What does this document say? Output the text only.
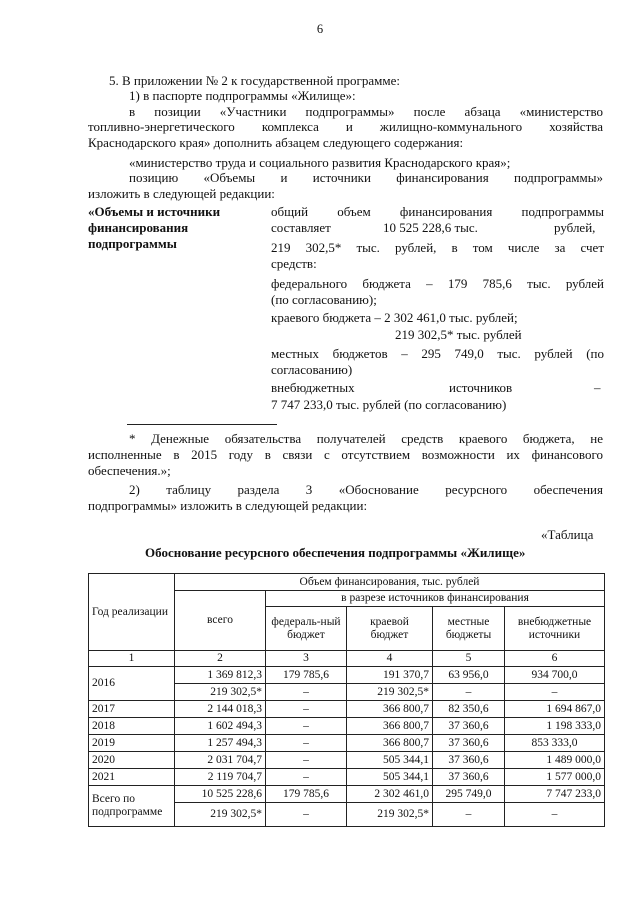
6
5. В приложении № 2 к государственной программе:
1) в паспорте подпрограммы «Жилище»:
в позиции «Участники подпрограммы» после абзаца «министерство
топливно-энергетического комплекса и жилищно-коммунального хозяйства
Краснодарского края» дополнить абзацем следующего содержания:
«министерство труда и социального развития Краснодарского края»;
позицию «Объемы и источники финансирования подпрограммы»
изложить в следующей редакции:
«Объемы и источники
финансирования
подпрограммы
общий объем финансирования подпрограммы
составляет	10 525 228,6 тыс.	рублей,
219 302,5* тыс. рублей, в том числе за счет
средств:
федерального бюджета – 179 785,6 тыс. рублей
(по согласованию);
краевого бюджета – 2 302 461,0 тыс. рублей;
219 302,5* тыс. рублей
местных бюджетов – 295 749,0 тыс. рублей (по
согласованию)
внебюджетных	источников	–
7 747 233,0 тыс. рублей (по согласованию)
* Денежные обязательства получателей средств краевого бюджета, не
исполненные в 2015 году в связи с отсутствием возможности их финансового
обеспечения.»;
2) таблицу раздела 3 «Обоснование ресурсного обеспечения
подпрограммы» изложить в следующей редакции:
«Таблица
Обоснование ресурсного обеспечения подпрограммы «Жилище»
Год реализации	Объем финансирования, тыс. рублей				
	всего	в разрезе источников финансирования			
		федераль-ный бюджет	краевой бюджет	местные бюджеты	внебюджетные источники
1	2	3	4	5	6
2016	1 369 812,3	179 785,6	191 370,7	63 956,0	934 700,0
	219 302,5*	–	219 302,5*	–	–
2017	2 144 018,3	–	366 800,7	82 350,6	1 694 867,0
2018	1 602 494,3	–	366 800,7	37 360,6	1 198 333,0
2019	1 257 494,3	–	366 800,7	37 360,6	853 333,0
2020	2 031 704,7	–	505 344,1	37 360,6	1 489 000,0
2021	2 119 704,7	–	505 344,1	37 360,6	1 577 000,0
Всего по подпрограмме	10 525 228,6	179 785,6	2 302 461,0	295 749,0	7 747 233,0
	219 302,5*	–	219 302,5*	–	–
